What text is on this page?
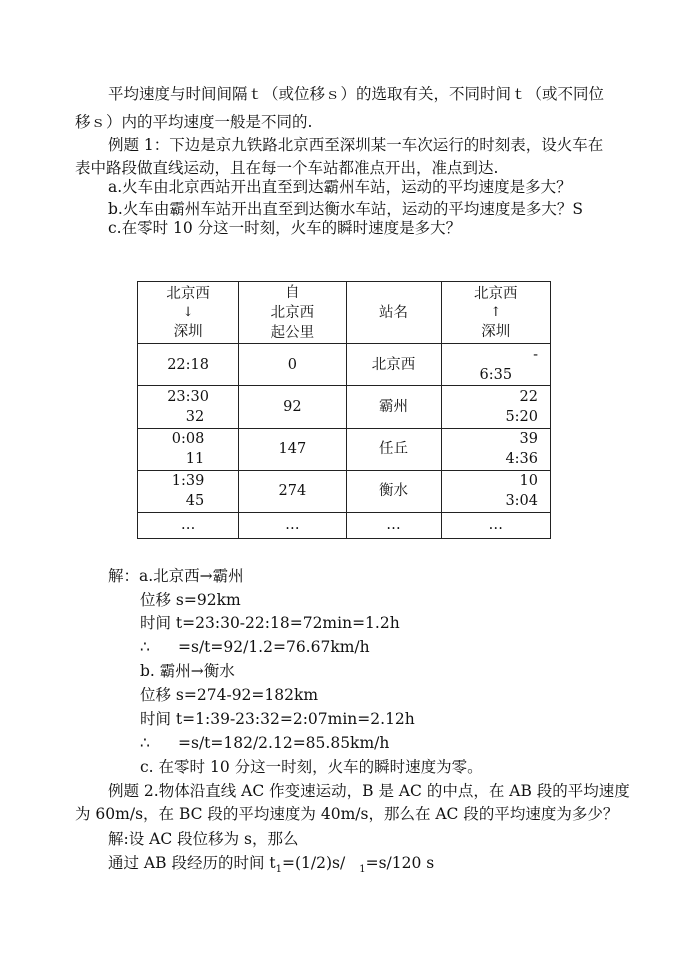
平均速度与时间间隔ｔ（或位移ｓ）的选取有关，不同时间ｔ（或不同位
移ｓ）内的平均速度一般是不同的.
例题 1：下边是京九铁路北京西至深圳某一车次运行的时刻表，设火车在
表中路段做直线运动，且在每一个车站都准点开出，准点到达.
a.火车由北京西站开出直至到达霸州车站，运动的平均速度是多大？
b.火车由霸州车站开出直至到达衡水车站，运动的平均速度是多大？S
c.在零时 10 分这一时刻，火车的瞬时速度是多大？
北京西
↓
深圳	自
北京西
起公里	站名	北京西
↑
深圳

22:18	0	北京西	-
6:35

23:30
32	92	霸州	22
5:20

0:08
11	147	任丘	39
4:36

1:39
45	274	衡水	10
3:04

…	…	…	…
解：a.北京西→霸州
位移 s=92km
时间 t=23:30-22:18=72min=1.2h
∴ =s/t=92/1.2=76.67km/h
b. 霸州→衡水
位移 s=274-92=182km
时间 t=1:39-23:32=2:07min=2.12h
∴ =s/t=182/2.12=85.85km/h
c. 在零时 10 分这一时刻，火车的瞬时速度为零。
例题 2.物体沿直线 AC 作变速运动，B 是 AC 的中点，在 AB 段的平均速度
为 60m/s，在 BC 段的平均速度为 40m/s，那么在 AC 段的平均速度为多少？
解:设 AC 段位移为 s，那么
通过 AB 段经历的时间 $t_1=(1/2)s/$ $_1$=s/120 s
